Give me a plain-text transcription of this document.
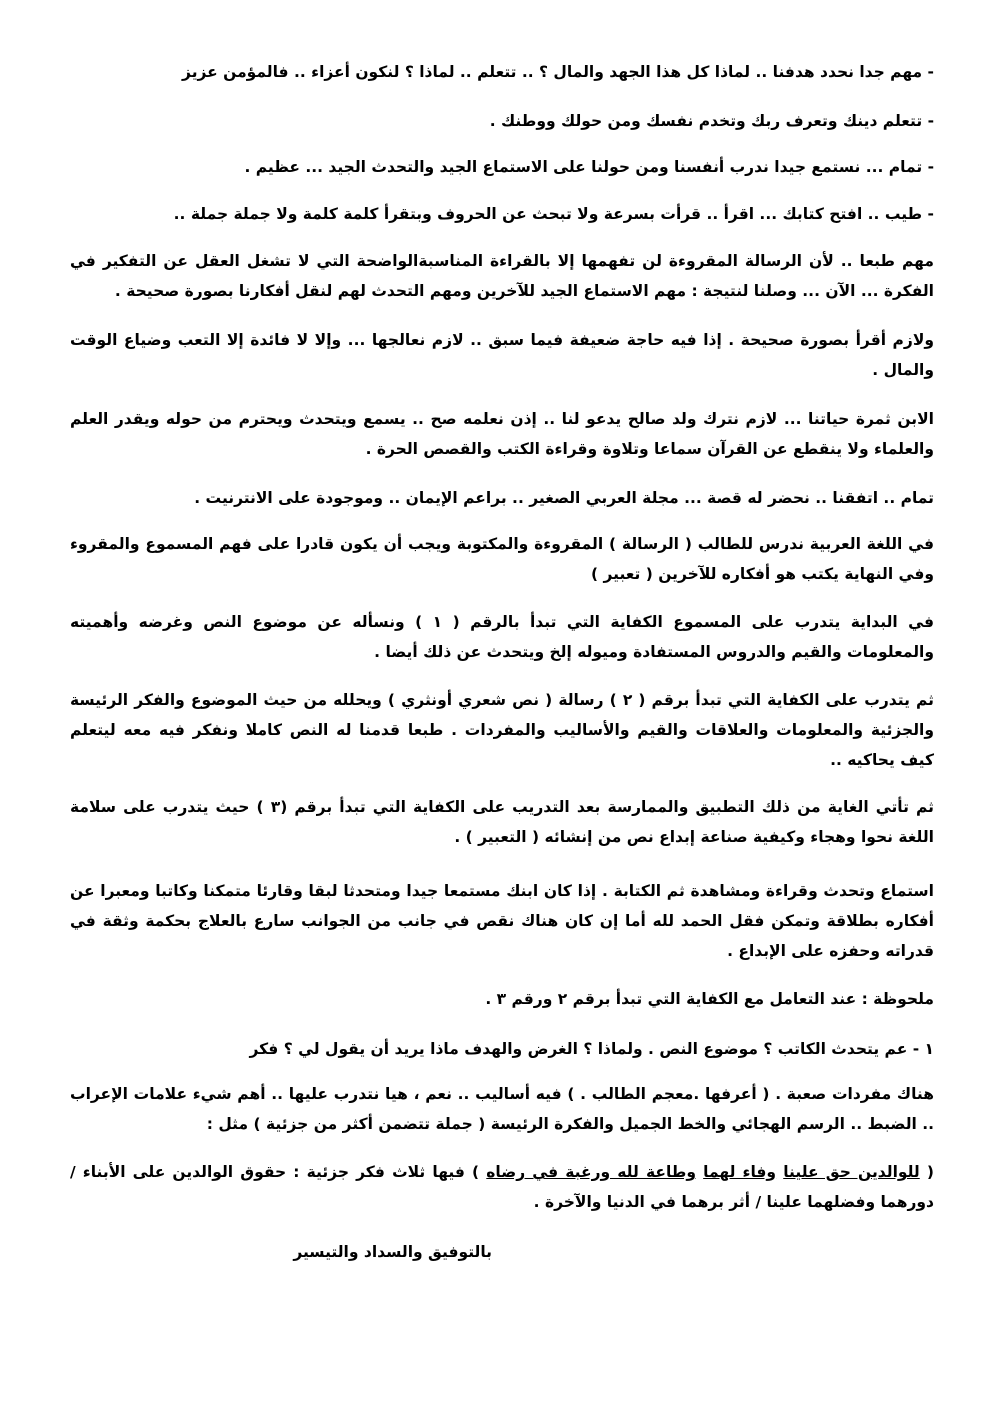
- مهم جدا نحدد هدفنا .. لماذا كل هذا الجهد والمال ؟ .. تتعلم .. لماذا ؟ لنكون أعزاء .. فالمؤمن عزيز
- تتعلم دينك وتعرف ربك وتخدم نفسك ومن حولك ووطنك .
- تمام ... نستمع جيدا ندرب أنفسنا ومن حولنا على الاستماع الجيد والتحدث الجيد ... عظيم .
- طيب .. افتح كتابك ... اقرأ .. قرأت بسرعة ولا تبحث عن الحروف وبتقرأ كلمة كلمة ولا جملة جملة ..
مهم طبعا .. لأن الرسالة المقروءة لن تفهمها إلا بالقراءة المناسبةالواضحة التي لا تشغل العقل عن التفكير في الفكرة ... الآن ... وصلنا لنتيجة : مهم الاستماع الجيد للآخرين ومهم التحدث لهم لنقل أفكارنا بصورة صحيحة .
ولازم أقرأ بصورة صحيحة . إذا فيه حاجة ضعيفة فيما سبق .. لازم نعالجها ... وإلا لا فائدة إلا التعب وضياع الوقت والمال .
الابن ثمرة حياتنا ... لازم نترك ولد صالح يدعو لنا .. إذن نعلمه صح .. يسمع ويتحدث ويحترم من حوله ويقدر العلم والعلماء ولا ينقطع عن القرآن سماعا وتلاوة وقراءة الكتب والقصص الحرة .
تمام .. اتفقنا .. نحضر له قصة ... مجلة العربي الصغير .. براعم الإيمان .. وموجودة على الانترنيت .
في اللغة العربية ندرس للطالب ( الرسالة ) المقروءة والمكتوبة ويجب أن يكون قادرا على فهم المسموع والمقروء وفي النهاية يكتب هو أفكاره للآخرين ( تعبير )
في البداية يتدرب على المسموع الكفاية التي تبدأ بالرقم ( ١ ) ونسأله عن موضوع النص وغرضه وأهميته والمعلومات والقيم والدروس المستفادة وميوله إلخ ويتحدث عن ذلك أيضا .
ثم يتدرب على الكفاية التي تبدأ برقم ( ٢ ) رسالة ( نص شعري أونثري ) ويحلله من حيث الموضوع والفكر الرئيسة والجزئية والمعلومات والعلاقات والقيم والأساليب والمفردات . طبعا قدمنا له النص كاملا ونفكر فيه معه ليتعلم كيف يحاكيه ..
ثم تأتي الغاية من ذلك التطبيق والممارسة بعد التدريب على الكفاية التي تبدأ برقم (٣ ) حيث يتدرب على سلامة اللغة نحوا وهجاء وكيفية صناعة إبداع نص من إنشائه ( التعبير ) .
استماع وتحدث وقراءة ومشاهدة ثم الكتابة . إذا كان ابنك مستمعا جيدا ومتحدثا لبقا وقارئا متمكنا وكاتبا ومعبرا عن أفكاره بطلاقة وتمكن فقل الحمد لله أما إن كان هناك نقص في جانب من الجوانب سارع بالعلاج بحكمة وثقة في قدراته وحفزه على الإبداع .
ملحوظة : عند التعامل مع الكفاية التي تبدأ برقم ٢ ورقم ٣ .
١ - عم يتحدث الكاتب ؟ موضوع النص . ولماذا ؟ الغرض والهدف ماذا يريد أن يقول لي ؟ فكر
هناك مفردات صعبة . ( أعرفها .معجم الطالب . ) فيه أساليب .. نعم ، هيا نتدرب عليها .. أهم شيء علامات الإعراب .. الضبط .. الرسم الهجائي والخط الجميل والفكرة الرئيسة ( جملة تتضمن أكثر من جزئية ) مثل :
( للوالدين حق علينا وفاء لهما وطاعة لله ورغبة في رضاه ) فيها ثلاث فكر جزئية : حقوق الوالدين على الأبناء / دورهما وفضلهما علينا / أثر برهما في الدنيا والآخرة .
بالتوفيق والسداد والتيسير
